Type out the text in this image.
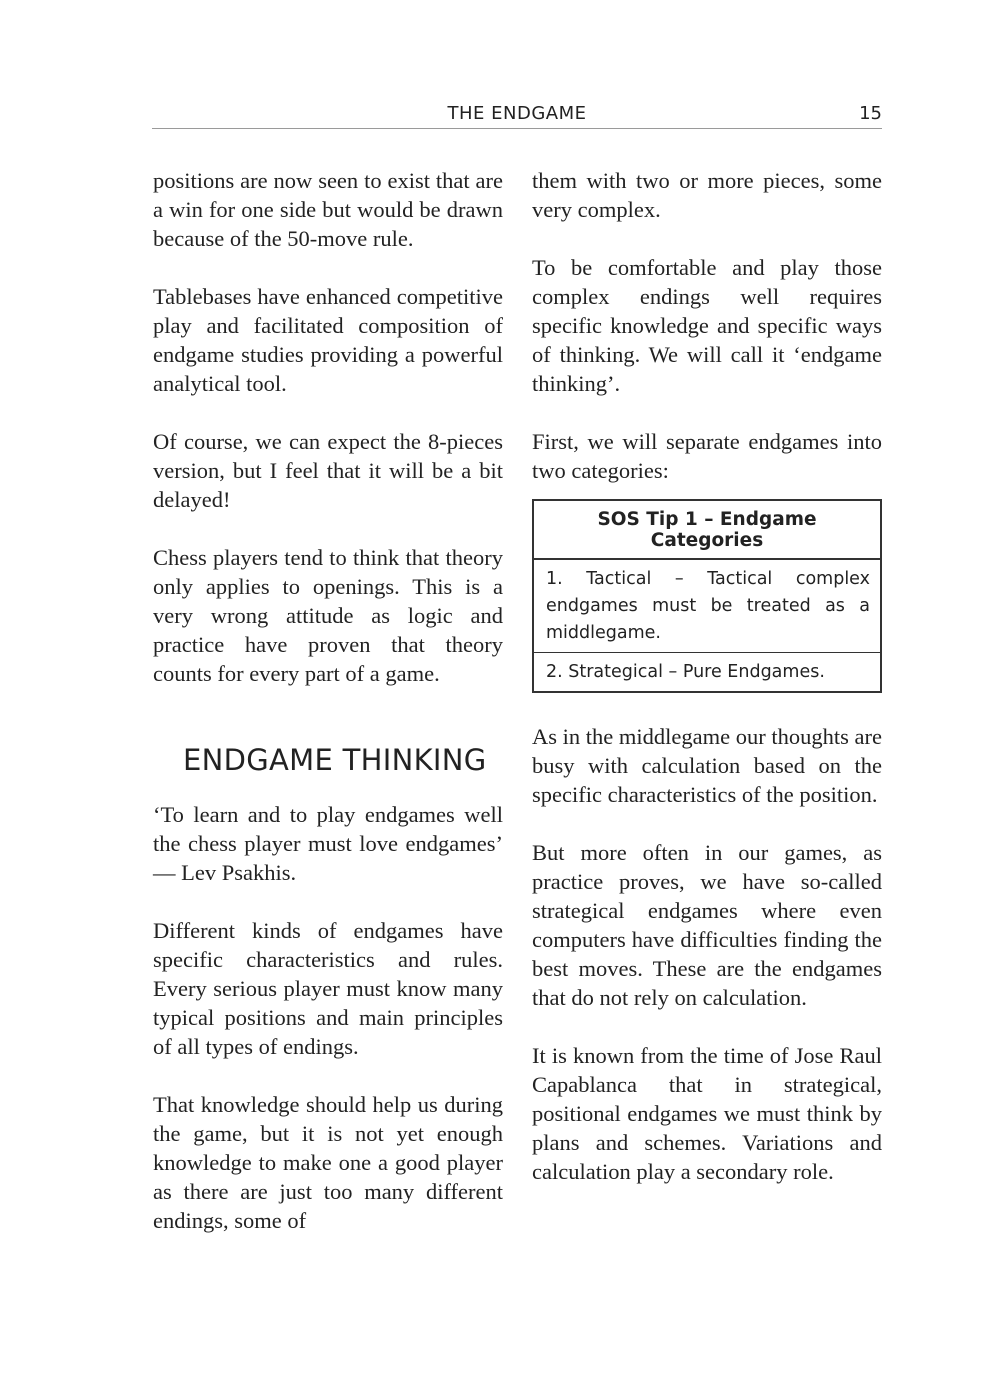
THE ENDGAME	15

positions are now seen to exist that are a win for one side but would be drawn because of the 50-move rule.

Tablebases have enhanced competitive play and facilitated composition of endgame studies providing a powerful analytical tool.

Of course, we can expect the 8-pieces version, but I feel that it will be a bit delayed!

Chess players tend to think that theory only applies to openings. This is a very wrong attitude as logic and practice have proven that theory counts for every part of a game.

ENDGAME THINKING

‘To learn and to play endgames well the chess player must love endgames’ — Lev Psakhis.

Different kinds of endgames have specific characteristics and rules. Every serious player must know many typical positions and main principles of all types of endings.

That knowledge should help us during the game, but it is not yet enough knowledge to make one a good player as there are just too many different endings, some of

them with two or more pieces, some very complex.

To be comfortable and play those complex endings well requires specific knowledge and specific ways of thinking. We will call it ‘endgame thinking’.

First, we will separate endgames into two categories:

SOS Tip 1 – Endgame Categories
1. Tactical – Tactical complex endgames must be treated as a middlegame.
2. Strategical – Pure Endgames.

As in the middlegame our thoughts are busy with calculation based on the specific characteristics of the position.

But more often in our games, as practice proves, we have so-called strategical endgames where even computers have difficulties finding the best moves. These are the endgames that do not rely on calculation.

It is known from the time of Jose Raul Capablanca that in strategical, positional endgames we must think by plans and schemes. Variations and calculation play a secondary role.
